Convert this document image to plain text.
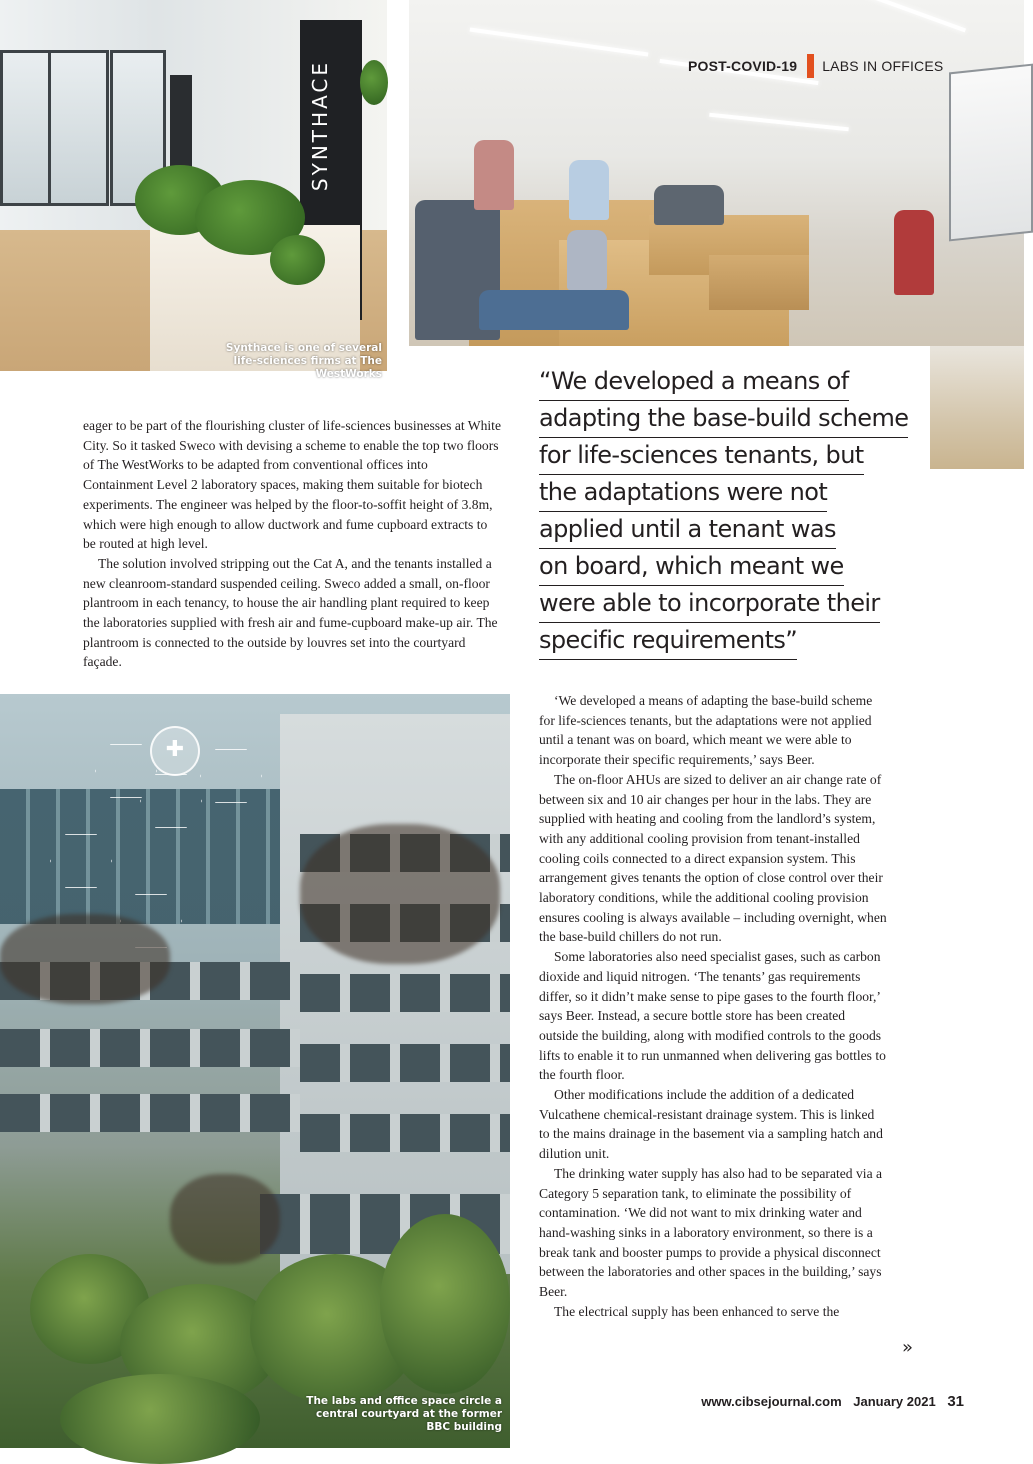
SYNTHACE
Synthace is one of several life-sciences firms at The WestWorks
✚
The labs and office space circle a central courtyard at the former BBC building
POST-COVID-19 LABS IN OFFICES
“We developed a means of
adapting the base-build scheme
for life-sciences tenants, but
the adaptations were not
applied until a tenant was
on board, which meant we
were able to incorporate their
specific requirements”

eager to be part of the flourishing cluster of life-sciences businesses at White City. So it tasked Sweco with devising a scheme to enable the top two floors of The WestWorks to be adapted from conventional offices into Containment Level 2 laboratory spaces, making them suitable for biotech experiments. The engineer was helped by the floor-to-soffit height of 3.8m, which were high enough to allow ductwork and fume cupboard extracts to be routed at high level.

The solution involved stripping out the Cat A, and the tenants installed a new cleanroom-standard suspended ceiling. Sweco added a small, on-floor plantroom in each tenancy, to house the air handling plant required to keep the laboratories supplied with fresh air and fume-cupboard make-up air. The plantroom is connected to the outside by louvres set into the courtyard façade.

‘We developed a means of adapting the base-build scheme for life-sciences tenants, but the adaptations were not applied until a tenant was on board, which meant we were able to incorporate their specific requirements,’ says Beer.

The on-floor AHUs are sized to deliver an air change rate of between six and 10 air changes per hour in the labs. They are supplied with heating and cooling from the landlord’s system, with any additional cooling provision from tenant-installed cooling coils connected to a direct expansion system. This arrangement gives tenants the option of close control over their laboratory conditions, while the additional cooling provision ensures cooling is always available – including overnight, when the base-build chillers do not run.

Some laboratories also need specialist gases, such as carbon dioxide and liquid nitrogen. ‘The tenants’ gas requirements differ, so it didn’t make sense to pipe gases to the fourth floor,’ says Beer. Instead, a secure bottle store has been created outside the building, along with modified controls to the goods lifts to enable it to run unmanned when delivering gas bottles to the fourth floor.

Other modifications include the addition of a dedicated Vulcathene chemical-resistant drainage system. This is linked to the mains drainage in the basement via a sampling hatch and dilution unit.

The drinking water supply has also had to be separated via a Category 5 separation tank, to eliminate the possibility of contamination. ‘We did not want to mix drinking water and hand-washing sinks in a laboratory environment, so there is a break tank and booster pumps to provide a physical disconnect between the laboratories and other spaces in the building,’ says Beer.

The electrical supply has been enhanced to serve the

»
www.cibsejournal.com January 2021 31
